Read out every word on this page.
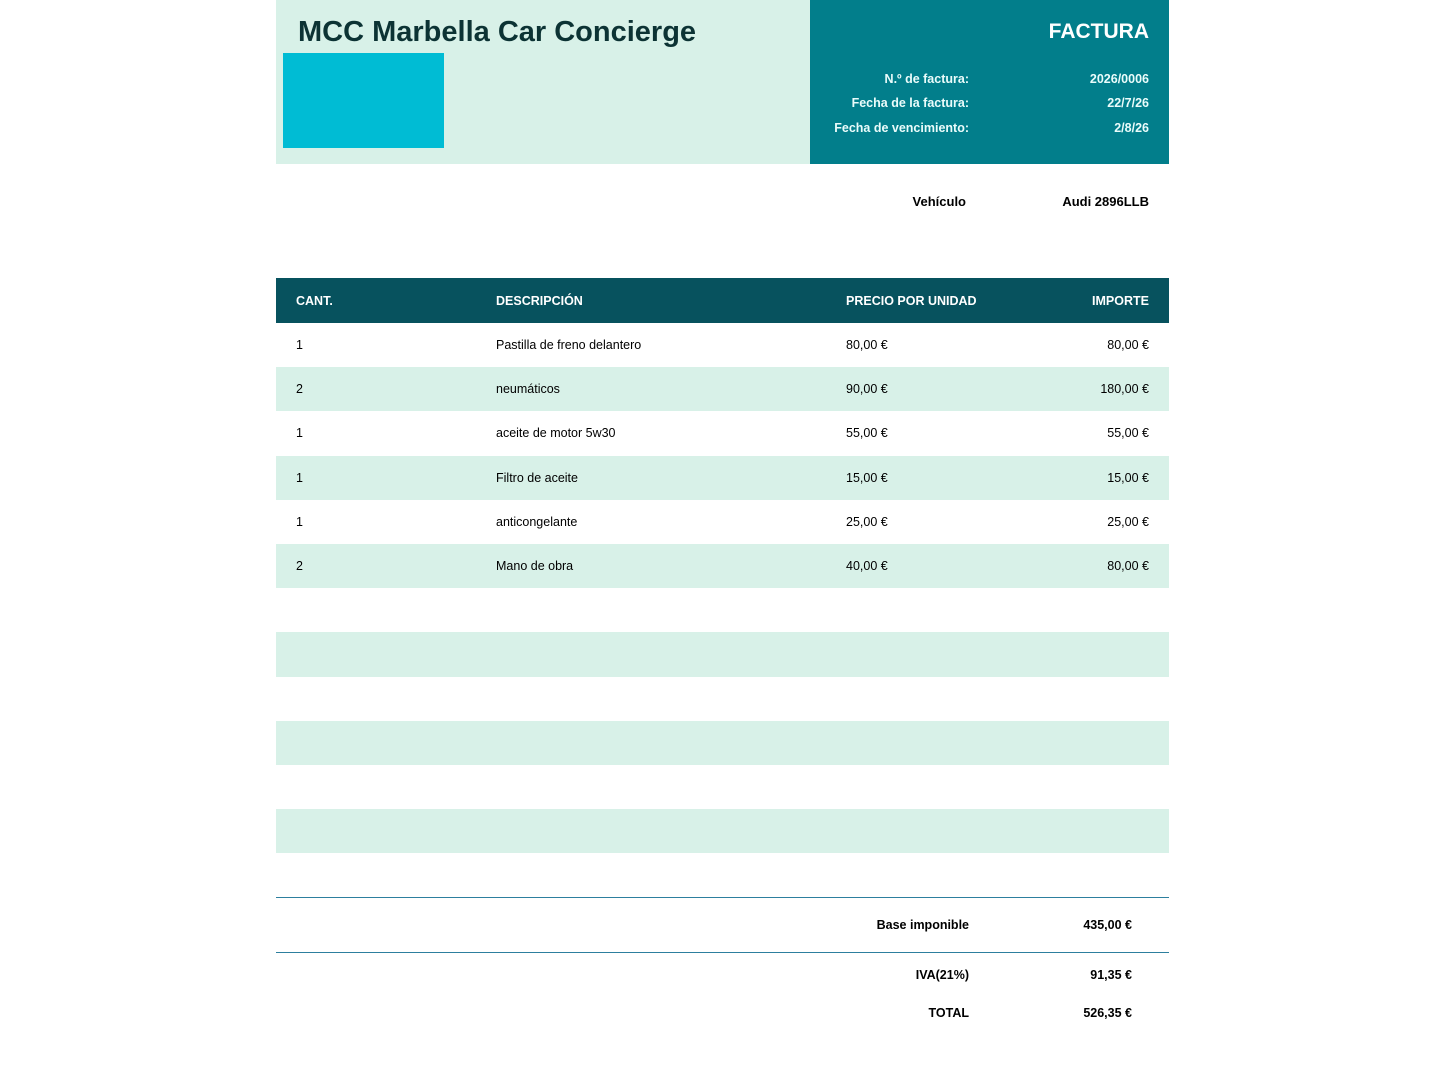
MCC Marbella Car Concierge	FACTURA
N.º de factura:	2026/0006
Fecha de la factura:	22/7/26
Fecha de vencimiento:	2/8/26
Vehículo	Audi 2896LLB
CANT.	DESCRIPCIÓN	PRECIO POR UNIDAD	IMPORTE
1	Pastilla de freno delantero	80,00 €	80,00 €
2	neumáticos	90,00 €	180,00 €
1	aceite de motor 5w30	55,00 €	55,00 €
1	Filtro de aceite	15,00 €	15,00 €
1	anticongelante	25,00 €	25,00 €
2	Mano de obra	40,00 €	80,00 €
Base imponible	435,00 €
IVA(21%)	91,35 €
TOTAL	526,35 €
